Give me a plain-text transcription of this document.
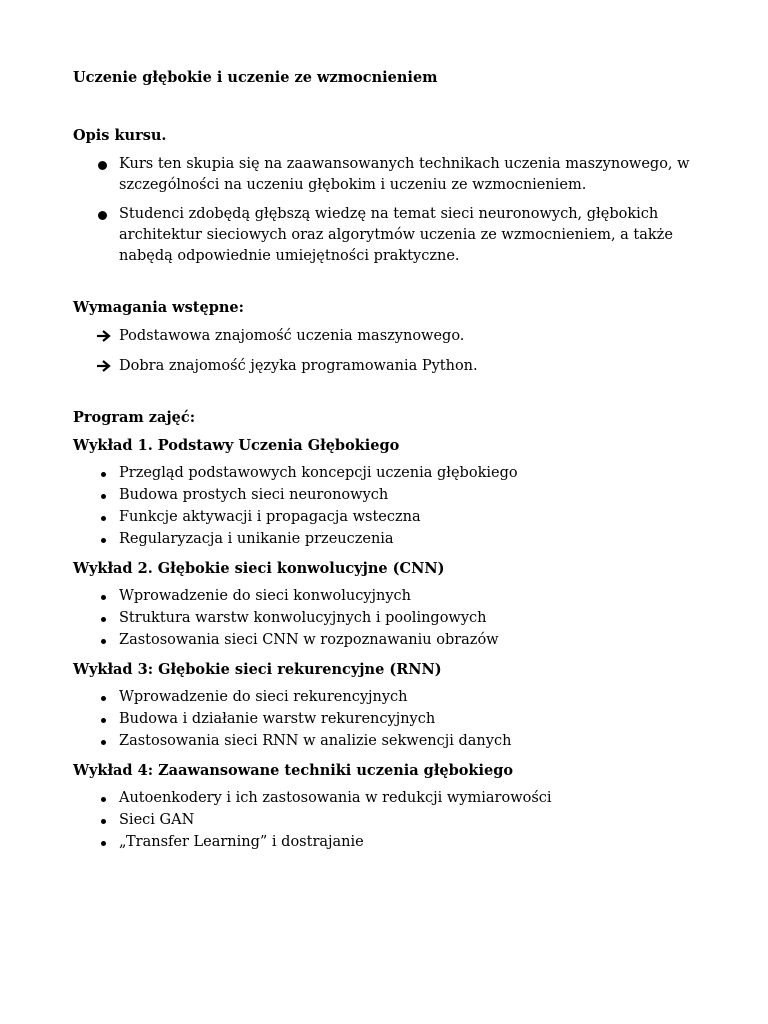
Uczenie głębokie i uczenie ze wzmocnieniem

Opis kursu.
Kurs ten skupia się na zaawansowanych technikach uczenia maszynowego, w szczególności na uczeniu głębokim i uczeniu ze wzmocnieniem.
Studenci zdobędą głębszą wiedzę na temat sieci neuronowych, głębokich architektur sieciowych oraz algorytmów uczenia ze wzmocnieniem, a także nabędą odpowiednie umiejętności praktyczne.
Wymagania wstępne:
Podstawowa znajomość uczenia maszynowego.
Dobra znajomość języka programowania Python.
Program zajęć:
Wykład 1. Podstawy Uczenia Głębokiego
Przegląd podstawowych koncepcji uczenia głębokiego
Budowa prostych sieci neuronowych
Funkcje aktywacji i propagacja wsteczna
Regularyzacja i unikanie przeuczenia
Wykład 2. Głębokie sieci konwolucyjne (CNN)
Wprowadzenie do sieci konwolucyjnych
Struktura warstw konwolucyjnych i poolingowych
Zastosowania sieci CNN w rozpoznawaniu obrazów
Wykład 3: Głębokie sieci rekurencyjne (RNN)
Wprowadzenie do sieci rekurencyjnych
Budowa i działanie warstw rekurencyjnych
Zastosowania sieci RNN w analizie sekwencji danych
Wykład 4: Zaawansowane techniki uczenia głębokiego
Autoenkodery i ich zastosowania w redukcji wymiarowości
Sieci GAN
„Transfer Learning” i dostrajanie
